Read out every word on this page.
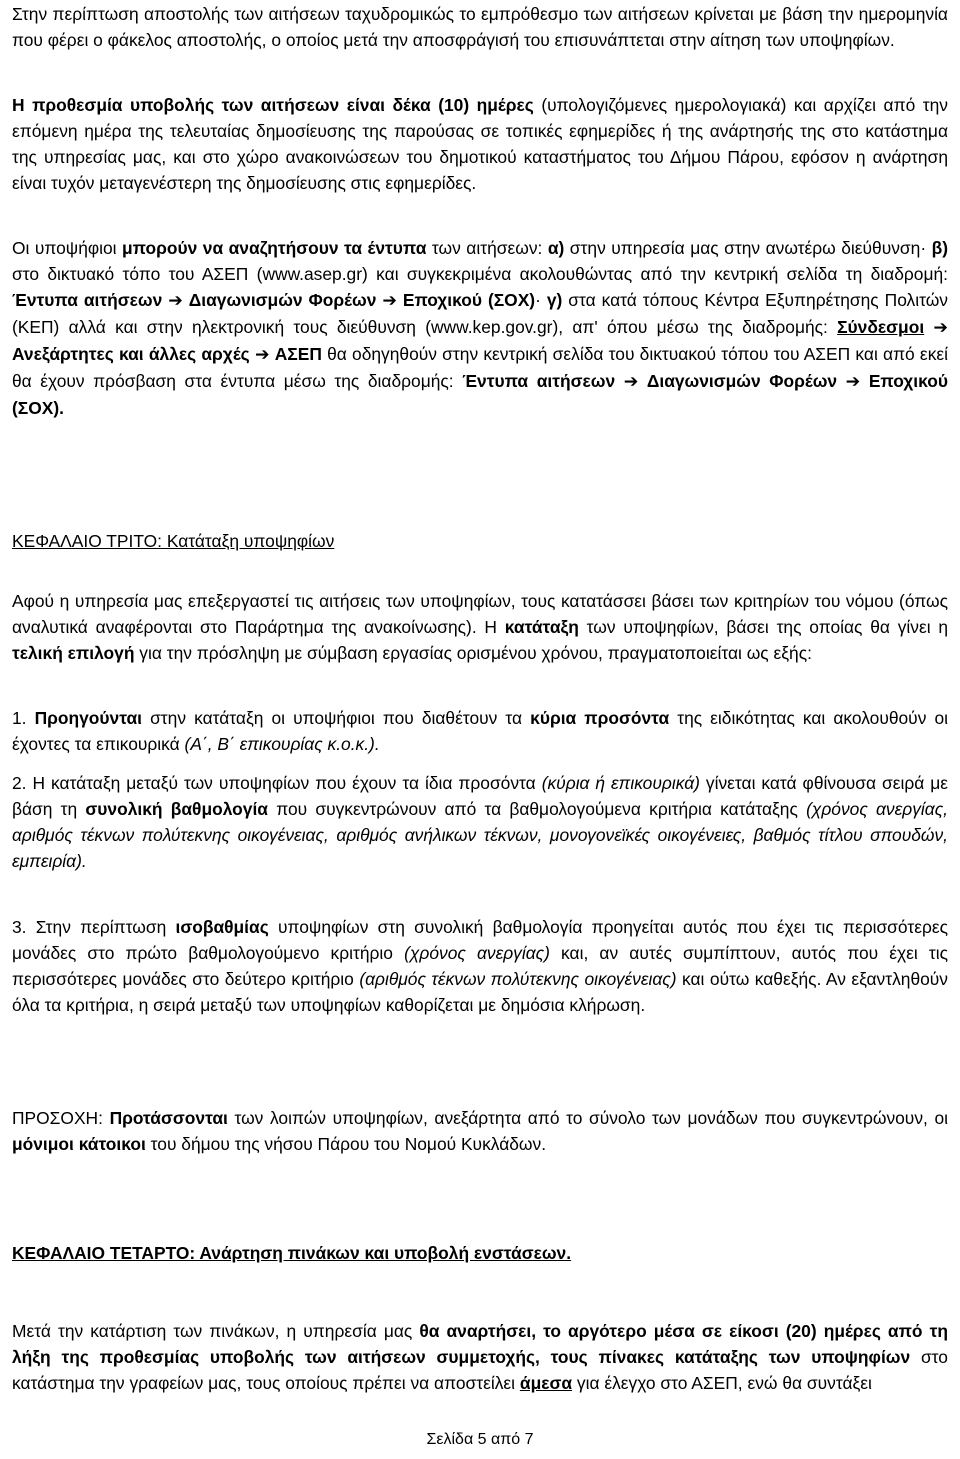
Στην περίπτωση αποστολής των αιτήσεων ταχυδρομικώς το εμπρόθεσμο των αιτήσεων κρίνεται με βάση την ημερομηνία που φέρει ο φάκελος αποστολής, ο οποίος μετά την αποσφράγισή του επισυνάπτεται στην αίτηση των υποψηφίων.

Η προθεσμία υποβολής των αιτήσεων είναι δέκα (10) ημέρες (υπολογιζόμενες ημερολογιακά) και αρχίζει από την επόμενη ημέρα της τελευταίας δημοσίευσης της παρούσας σε τοπικές εφημερίδες ή της ανάρτησής της στο κατάστημα της υπηρεσίας μας, και στο χώρο ανακοινώσεων του δημοτικού καταστήματος του Δήμου Πάρου, εφόσον η ανάρτηση είναι τυχόν μεταγενέστερη της δημοσίευσης στις εφημερίδες.

Οι υποψήφιοι μπορούν να αναζητήσουν τα έντυπα των αιτήσεων: α) στην υπηρεσία μας στην ανωτέρω διεύθυνση· β) στο δικτυακό τόπο του ΑΣΕΠ (www.asep.gr) και συγκεκριμένα ακολουθώντας από την κεντρική σελίδα τη διαδρομή: Έντυπα αιτήσεων ➔ Διαγωνισμών Φορέων ➔ Εποχικού (ΣΟΧ)· γ) στα κατά τόπους Κέντρα Εξυπηρέτησης Πολιτών (ΚΕΠ) αλλά και στην ηλεκτρονική τους διεύθυνση (www.kep.gov.gr), απ' όπου μέσω της διαδρομής: Σύνδεσμοι ➔ Ανεξάρτητες και άλλες αρχές ➔ ΑΣΕΠ θα οδηγηθούν στην κεντρική σελίδα του δικτυακού τόπου του ΑΣΕΠ και από εκεί θα έχουν πρόσβαση στα έντυπα μέσω της διαδρομής: Έντυπα αιτήσεων ➔ Διαγωνισμών Φορέων ➔ Εποχικού (ΣΟΧ).

ΚΕΦΑΛΑΙΟ ΤΡΙΤΟ: Κατάταξη υποψηφίων

Αφού η υπηρεσία μας επεξεργαστεί τις αιτήσεις των υποψηφίων, τους κατατάσσει βάσει των κριτηρίων του νόμου (όπως αναλυτικά αναφέρονται στο Παράρτημα της ανακοίνωσης). Η κατάταξη των υποψηφίων, βάσει της οποίας θα γίνει η τελική επιλογή για την πρόσληψη με σύμβαση εργασίας ορισμένου χρόνου, πραγματοποιείται ως εξής:

1. Προηγούνται στην κατάταξη οι υποψήφιοι που διαθέτουν τα κύρια προσόντα της ειδικότητας και ακολουθούν οι έχοντες τα επικουρικά (Α΄, Β΄ επικουρίας κ.ο.κ.).

2. Η κατάταξη μεταξύ των υποψηφίων που έχουν τα ίδια προσόντα (κύρια ή επικουρικά) γίνεται κατά φθίνουσα σειρά με βάση τη συνολική βαθμολογία που συγκεντρώνουν από τα βαθμολογούμενα κριτήρια κατάταξης (χρόνος ανεργίας, αριθμός τέκνων πολύτεκνης οικογένειας, αριθμός ανήλικων τέκνων, μονογονεϊκές οικογένειες, βαθμός τίτλου σπουδών, εμπειρία).

3. Στην περίπτωση ισοβαθμίας υποψηφίων στη συνολική βαθμολογία προηγείται αυτός που έχει τις περισσότερες μονάδες στο πρώτο βαθμολογούμενο κριτήριο (χρόνος ανεργίας) και, αν αυτές συμπίπτουν, αυτός που έχει τις περισσότερες μονάδες στο δεύτερο κριτήριο (αριθμός τέκνων πολύτεκνης οικογένειας) και ούτω καθεξής. Αν εξαντληθούν όλα τα κριτήρια, η σειρά μεταξύ των υποψηφίων καθορίζεται με δημόσια κλήρωση.

ΠΡΟΣΟΧΗ: Προτάσσονται των λοιπών υποψηφίων, ανεξάρτητα από το σύνολο των μονάδων που συγκεντρώνουν, οι μόνιμοι κάτοικοι του δήμου της νήσου Πάρου του Νομού Κυκλάδων.

ΚΕΦΑΛΑΙΟ ΤΕΤΑΡΤΟ: Ανάρτηση πινάκων και υποβολή ενστάσεων.

Μετά την κατάρτιση των πινάκων, η υπηρεσία μας θα αναρτήσει, το αργότερο μέσα σε είκοσι (20) ημέρες από τη λήξη της προθεσμίας υποβολής των αιτήσεων συμμετοχής, τους πίνακες κατάταξης των υποψηφίων στο κατάστημα την γραφείων μας, τους οποίους πρέπει να αποστείλει άμεσα για έλεγχο στο ΑΣΕΠ, ενώ θα συντάξει

Σελίδα 5 από 7
